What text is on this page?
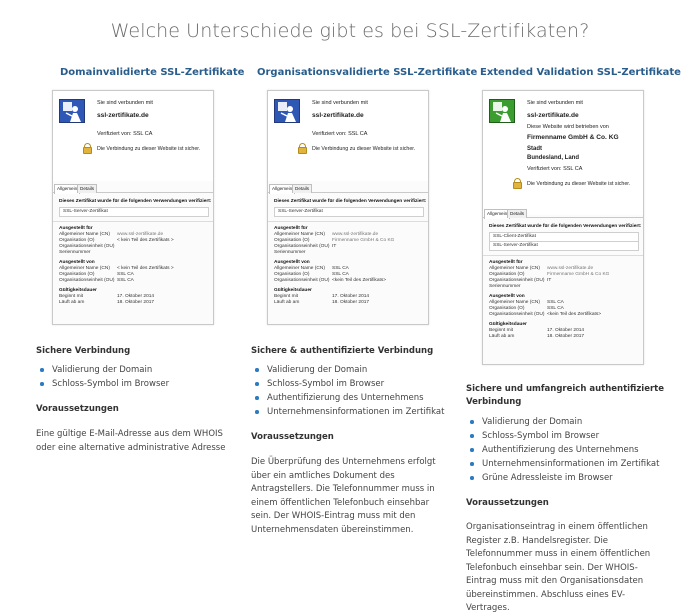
Welche Unterschiede gibt es bei SSL-Zertifikaten?
Domainvalidierte SSL-Zertifikate
Sie sind verbunden mit
ssl-zertifikate.de
Verifiziert von: SSL CA
Die Verbindung zu dieser Website ist sicher.
Allgemein Details
Dieses Zertifikat wurde für die folgenden Verwendungen verifiziert:
SSL-Server-Zertifikat
Ausgestellt für
Allgemeiner Name (CN)	www.ssl-zertifikate.de
Organisation (O)	< kein Teil des Zertifikats >
Organisationseinheit (OU)
Seriennummer
Ausgestellt von
Allgemeiner Name (CN)	< kein Teil des Zertifikats >
Organisation (O)	SSL CA
Organisationseinheit (OU) SSL CA
Gültigkeitsdauer
Beginnt mit	17. Oktober 2014
Läuft ab am	18. Oktober 2017
Sichere Verbindung
Validierung der Domain
Schloss-Symbol im Browser
Voraussetzungen

Eine gültige E-Mail-Adresse aus dem WHOIS oder eine alternative administrative Adresse

Organisationsvalidierte SSL-Zertifikate
Sie sind verbunden mit
ssl-zertifikate.de
Verifiziert von: SSL CA
Die Verbindung zu dieser Website ist sicher.
Allgemein Details
Dieses Zertifikat wurde für die folgenden Verwendungen verifiziert:
SSL-Server-Zertifikat
Ausgestellt für
Allgemeiner Name (CN)	www.ssl-zertifikate.de
Organisation (O)	Firmenname GmbH & Co KG
Organisationseinheit (OU) IT
Seriennummer
Ausgestellt von
Allgemeiner Name (CN)	SSL CA
Organisation (O)	SSL CA
Organisationseinheit (OU) <kein Teil des Zertifikats>
Gültigkeitsdauer
Beginnt mit	17. Oktober 2014
Läuft ab am	18. Oktober 2017
Sichere & authentifizierte Verbindung
Validierung der Domain
Schloss-Symbol im Browser
Authentifizierung des Unternehmens
Unternehmensinformationen im Zertifikat
Voraussetzungen

Die Überprüfung des Unternehmens erfolgt über ein amtliches Dokument des Antragstellers. Die Telefonnummer muss in einem öffentlichen Telefonbuch einsehbar sein. Der WHOIS-Eintrag muss mit den Unternehmensdaten übereinstimmen.

Extended Validation SSL-Zertifikate
Sie sind verbunden mit
ssl-zertifikate.de
Diese Website wird betrieben von
Firmenname GmbH & Co. KG
Stadt
Bundesland, Land
Verifiziert von: SSL CA
Die Verbindung zu dieser Website ist sicher.
Allgemein Details
Dieses Zertifikat wurde für die folgenden Verwendungen verifiziert:
SSL-Client-Zertifikat
SSL-Server-Zertifikat
Ausgestellt für
Allgemeiner Name (CN)	www.ssl-zertifikate.de
Organisation (O)	Firmenname GmbH & Co KG
Organisationseinheit (OU) IT
Seriennummer
Ausgestellt von
Allgemeiner Name (CN)	SSL CA
Organisation (O)	SSL CA
Organisationseinheit (OU) <kein Teil des Zertifikats>
Gültigkeitsdauer
Beginnt mit	17. Oktober 2014
Läuft ab am	18. Oktober 2017
Sichere und umfangreich authentifizierte Verbindung
Validierung der Domain
Schloss-Symbol im Browser
Authentifizierung des Unternehmens
Unternehmensinformationen im Zertifikat
Grüne Adressleiste im Browser
Voraussetzungen

Organisationseintrag in einem öffentlichen Register z.B. Handelsregister. Die Telefonnummer muss in einem öffentlichen Telefonbuch einsehbar sein. Der WHOIS-Eintrag muss mit den Organisationsdaten übereinstimmen. Abschluss eines EV-Vertrages.
